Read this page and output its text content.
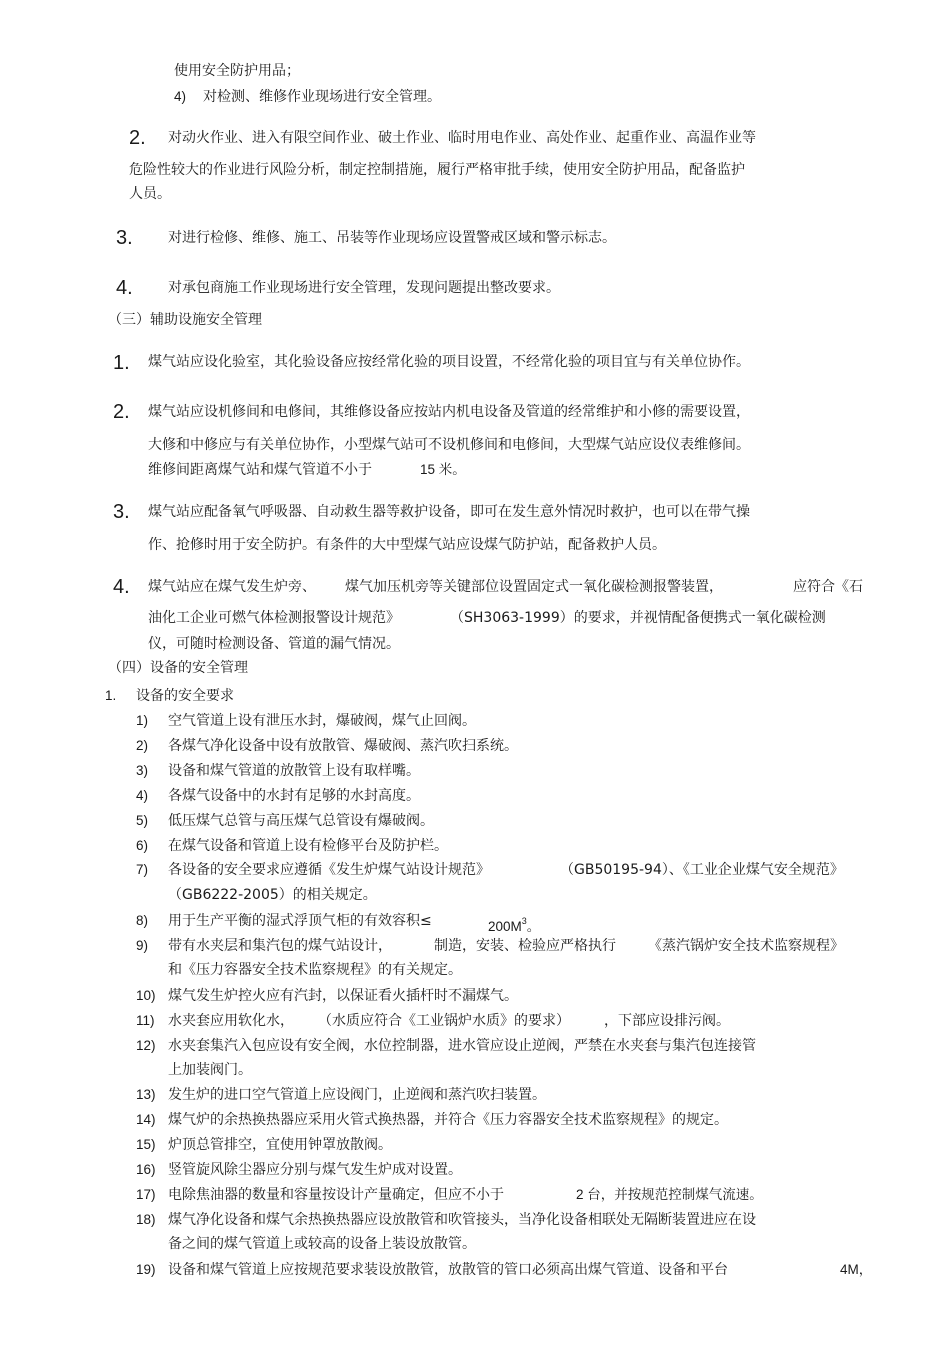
使用安全防护用品；
4) 对检测、维修作业现场进行安全管理。
2. 对动火作业、进入有限空间作业、破土作业、临时用电作业、高处作业、起重作业、高温作业等
危险性较大的作业进行风险分析，制定控制措施，履行严格审批手续，使用安全防护用品，配备监护
人员。
3.	对进行检修、维修、施工、吊装等作业现场应设置警戒区域和警示标志。
4.	对承包商施工作业现场进行安全管理，发现问题提出整改要求。
（三）辅助设施安全管理
1. 煤气站应设化验室，其化验设备应按经常化验的项目设置，不经常化验的项目宜与有关单位协作。
2. 煤气站应设机修间和电修间，其维修设备应按站内机电设备及管道的经常维护和小修的需要设置，
大修和中修应与有关单位协作，小型煤气站可不设机修间和电修间，大型煤气站应设仪表维修间。
维修间距离煤气站和煤气管道不小于	15 米。
3. 煤气站应配备氧气呼吸器、自动救生器等救护设备，即可在发生意外情况时救护，也可以在带气操
作、抢修时用于安全防护。有条件的大中型煤气站应设煤气防护站，配备救护人员。
4. 煤气站应在煤气发生炉旁、 煤气加压机旁等关键部位设置固定式一氧化碳检测报警装置，	应符合《石
油化工企业可燃气体检测报警设计规范》	（SH3063-1999）的要求，并视情配备便携式一氧化碳检测
仪，可随时检测设备、管道的漏气情况。
（四）设备的安全管理
1. 设备的安全要求
1) 空气管道上设有泄压水封，爆破阀，煤气止回阀。
2) 各煤气净化设备中设有放散管、爆破阀、蒸汽吹扫系统。
3) 设备和煤气管道的放散管上设有取样嘴。
4) 各煤气设备中的水封有足够的水封高度。
5) 低压煤气总管与高压煤气总管设有爆破阀。
6) 在煤气设备和管道上设有检修平台及防护栏。
7) 各设备的安全要求应遵循《发生炉煤气站设计规范》	（GB50195-94）、《工业企业煤气安全规范》
（GB6222-2005）的相关规定。
8) 用于生产平衡的湿式浮顶气柜的有效容积≤	$200M^3$。
9) 带有水夹层和集汽包的煤气站设计，	制造，安装、检验应严格执行 《蒸汽锅炉安全技术监察规程》
和《压力容器安全技术监察规程》的有关规定。
10) 煤气发生炉控火应有汽封，以保证看火插杆时不漏煤气。
11) 水夹套应用软化水， （水质应符合《工业锅炉水质》的要求） ，下部应设排污阀。
12) 水夹套集汽入包应设有安全阀，水位控制器，进水管应设止逆阀，严禁在水夹套与集汽包连接管
上加装阀门。
13) 发生炉的进口空气管道上应设阀门，止逆阀和蒸汽吹扫装置。
14) 煤气炉的余热换热器应采用火管式换热器，并符合《压力容器安全技术监察规程》的规定。
15) 炉顶总管排空，宜使用钟罩放散阀。
16) 竖管旋风除尘器应分别与煤气发生炉成对设置。
17) 电除焦油器的数量和容量按设计产量确定，但应不小于	2 台，并按规范控制煤气流速。
18) 煤气净化设备和煤气余热换热器应设放散管和吹管接头，当净化设备相联处无隔断装置进应在设
备之间的煤气管道上或较高的设备上装设放散管。
19) 设备和煤气管道上应按规范要求装设放散管，放散管的管口必须高出煤气管道、设备和平台	4M，
